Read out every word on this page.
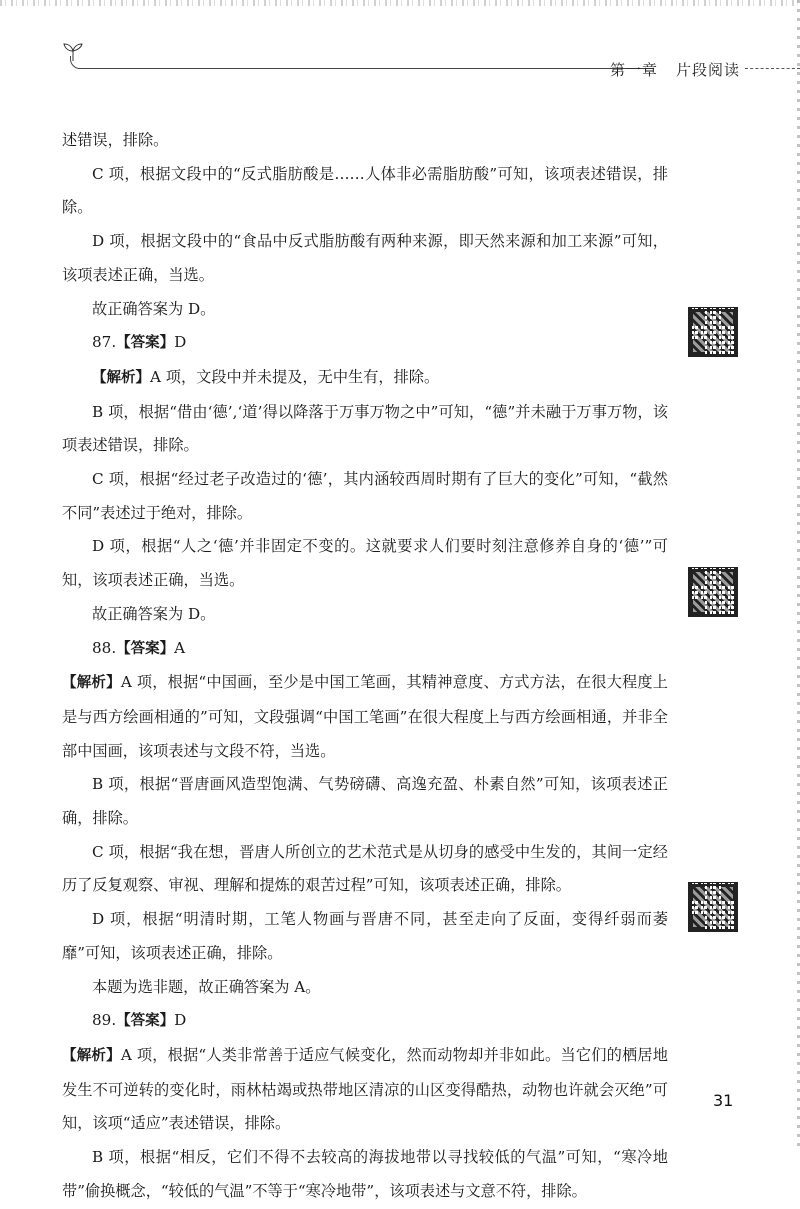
第一章 片段阅读

述错误，排除。

C 项，根据文段中的“反式脂肪酸是……人体非必需脂肪酸”可知，该项表述错误，排除。

D 项，根据文段中的“食品中反式脂肪酸有两种来源，即天然来源和加工来源”可知，该项表述正确，当选。

故正确答案为 D。

87.【答案】D

【解析】A 项，文段中并未提及，无中生有，排除。

B 项，根据“借由‘德’,‘道’得以降落于万事万物之中”可知，“德”并未融于万事万物，该项表述错误，排除。

C 项，根据“经过老子改造过的‘德’，其内涵较西周时期有了巨大的变化”可知，“截然不同”表述过于绝对，排除。

D 项，根据“人之‘德’并非固定不变的。这就要求人们要时刻注意修养自身的‘德’”可知，该项表述正确，当选。

故正确答案为 D。

88.【答案】A

【解析】A 项，根据“中国画，至少是中国工笔画，其精神意度、方式方法，在很大程度上是与西方绘画相通的”可知，文段强调“中国工笔画”在很大程度上与西方绘画相通，并非全部中国画，该项表述与文段不符，当选。

B 项，根据“晋唐画风造型饱满、气势磅礴、高逸充盈、朴素自然”可知，该项表述正确，排除。

C 项，根据“我在想，晋唐人所创立的艺术范式是从切身的感受中生发的，其间一定经历了反复观察、审视、理解和提炼的艰苦过程”可知，该项表述正确，排除。

D 项，根据“明清时期，工笔人物画与晋唐不同，甚至走向了反面，变得纤弱而萎靡”可知，该项表述正确，排除。

本题为选非题，故正确答案为 A。

89.【答案】D

【解析】A 项，根据“人类非常善于适应气候变化，然而动物却并非如此。当它们的栖居地发生不可逆转的变化时，雨林枯竭或热带地区清凉的山区变得酷热，动物也许就会灭绝”可知，该项“适应”表述错误，排除。

B 项，根据“相反，它们不得不去较高的海拔地带以寻找较低的气温”可知，“寒冷地带”偷换概念，“较低的气温”不等于“寒冷地带”，该项表述与文意不符，排除。

31
